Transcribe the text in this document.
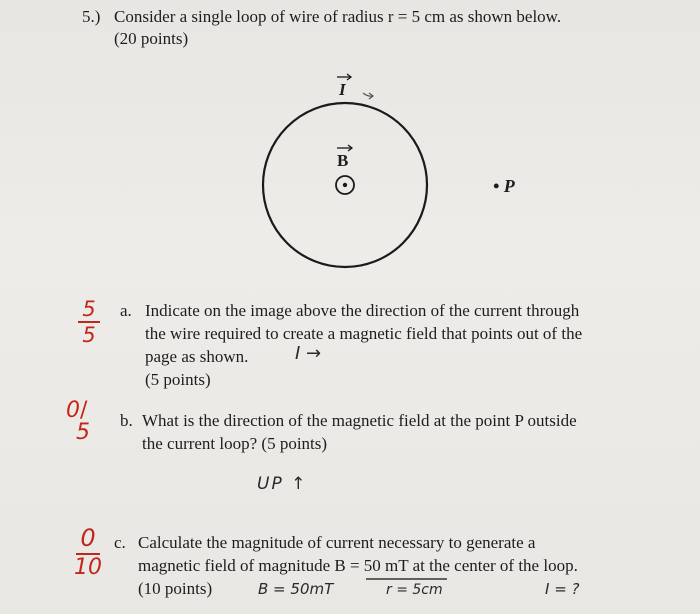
5.) Consider a single loop of wire of radius r = 5 cm as shown below.
(20 points)
I
B
• P
5
5
a. Indicate on the image above the direction of the current through
the wire required to create a magnetic field that points out of the
page as shown.
(5 points)
I →
0/
5 b. What is the direction of the magnetic field at the point P outside
the current loop? (5 points)
UP ↑
0
10
c. Calculate the magnitude of current necessary to generate a
magnetic field of magnitude B = 50 mT at the center of the loop.
(10 points)	B = 50mT	r = 5cm	I = ?
